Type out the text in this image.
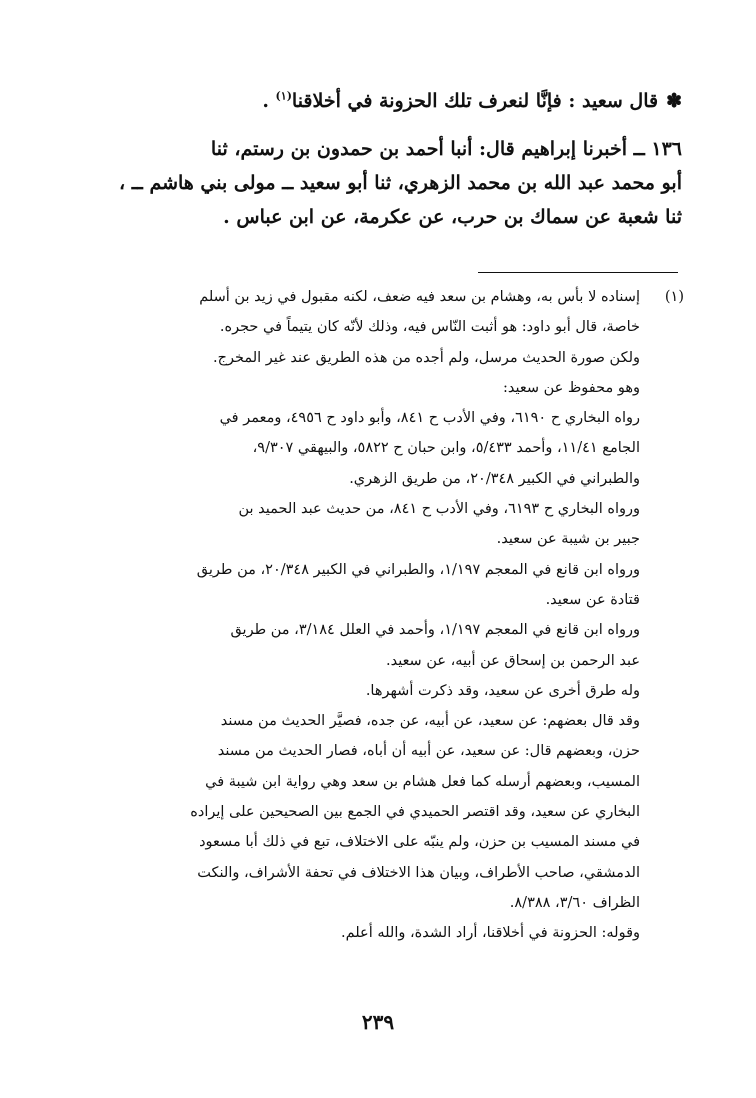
✽قال سعيد : فإنَّا لنعرف تلك الحزونة في أخلاقنا$^{(١)}$ .
١٣٦ ــ أخبرنا إبراهيم قال: أنبا أحمد بن حمدون بن رستم، ثنا
أبو محمد عبد الله بن محمد الزهري، ثنا أبو سعيد ــ مولى بني هاشم ــ ،
ثنا شعبة عن سماك بن حرب، عن عكرمة، عن ابن عباس .
(١)إسناده لا بأس به، وهشام بن سعد فيه ضعف، لكنه مقبول في زيد بن أسلم
خاصة، قال أبو داود: هو أثبت النّاس فيه، وذلك لأنّه كان يتيماً في حجره.
ولكن صورة الحديث مرسل، ولم أجده من هذه الطريق عند غير المخرج.
وهو محفوظ عن سعيد:
رواه البخاري ح ٦١٩٠، وفي الأدب ح ٨٤١، وأبو داود ح ٤٩٥٦، ومعمر في
الجامع ١١/٤١، وأحمد ٥/٤٣٣، وابن حبان ح ٥٨٢٢، والبيهقي ٩/٣٠٧،
والطبراني في الكبير ٢٠/٣٤٨، من طريق الزهري.
ورواه البخاري ح ٦١٩٣، وفي الأدب ح ٨٤١، من حديث عبد الحميد بن
جبير بن شيبة عن سعيد.
ورواه ابن قانع في المعجم ١/١٩٧، والطبراني في الكبير ٢٠/٣٤٨، من طريق
قتادة عن سعيد.
ورواه ابن قانع في المعجم ١/١٩٧، وأحمد في العلل ٣/١٨٤، من طريق
عبد الرحمن بن إسحاق عن أبيه، عن سعيد.
وله طرق أخرى عن سعيد، وقد ذكرت أشهرها.
وقد قال بعضهم: عن سعيد، عن أبيه، عن جده، فصيَّر الحديث من مسند
حزن، وبعضهم قال: عن سعيد، عن أبيه أن أباه، فصار الحديث من مسند
المسيب، وبعضهم أرسله كما فعل هشام بن سعد وهي رواية ابن شيبة في
البخاري عن سعيد، وقد اقتصر الحميدي في الجمع بين الصحيحين على إيراده
في مسند المسيب بن حزن، ولم ينبّه على الاختلاف، تبع في ذلك أبا مسعود
الدمشقي، صاحب الأطراف، وبيان هذا الاختلاف في تحفة الأشراف، والنكت
الظراف ٣/٦٠، ٨/٣٨٨.
وقوله: الحزونة في أخلاقنا، أراد الشدة، والله أعلم.
٢٣٩
